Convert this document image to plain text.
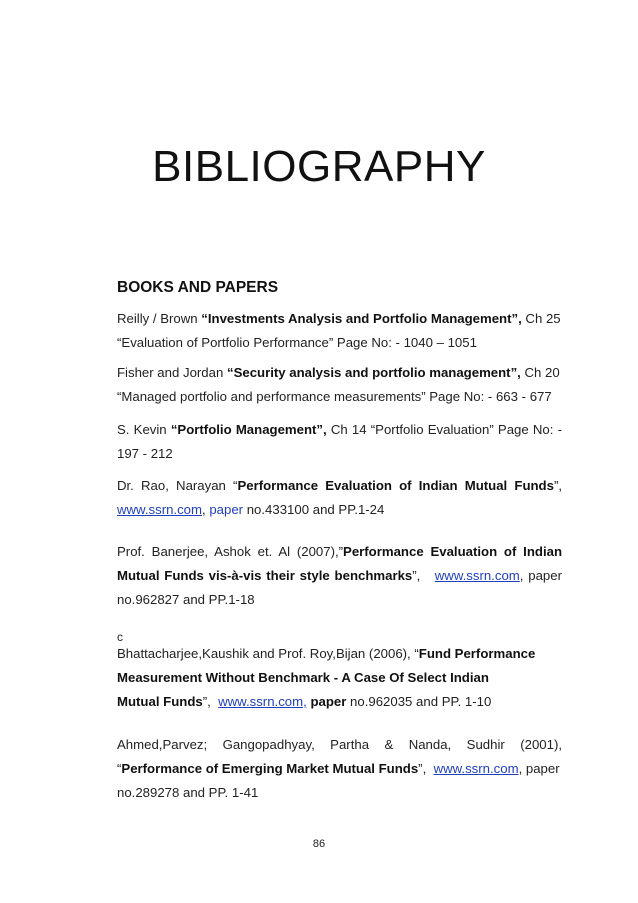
BIBLIOGRAPHY
BOOKS AND PAPERS
Reilly / Brown “Investments Analysis and Portfolio Management”, Ch 25
“Evaluation of Portfolio Performance” Page No: - 1040 – 1051
Fisher and Jordan “Security analysis and portfolio management”, Ch 20
“Managed portfolio and performance measurements” Page No: - 663 - 677
S. Kevin “Portfolio Management”, Ch 14 “Portfolio Evaluation” Page No: -
197 - 212
Dr. Rao, Narayan “Performance Evaluation of Indian Mutual Funds”,
www.ssrn.com, paper no.433100 and PP.1-24
Prof. Banerjee, Ashok et. Al (2007),”Performance Evaluation of Indian
Mutual Funds vis-à-vis their style benchmarks”,   www.ssrn.com, paper
no.962827 and PP.1-18
c
Bhattacharjee,Kaushik and Prof. Roy,Bijan (2006), “Fund Performance
Measurement Without Benchmark - A Case Of Select Indian
Mutual Funds”,  www.ssrn.com, paper no.962035 and PP. 1-10
Ahmed,Parvez; Gangopadhyay, Partha & Nanda, Sudhir (2001),
“Performance of Emerging Market Mutual Funds”,  www.ssrn.com, paper
no.289278 and PP. 1-41
86
